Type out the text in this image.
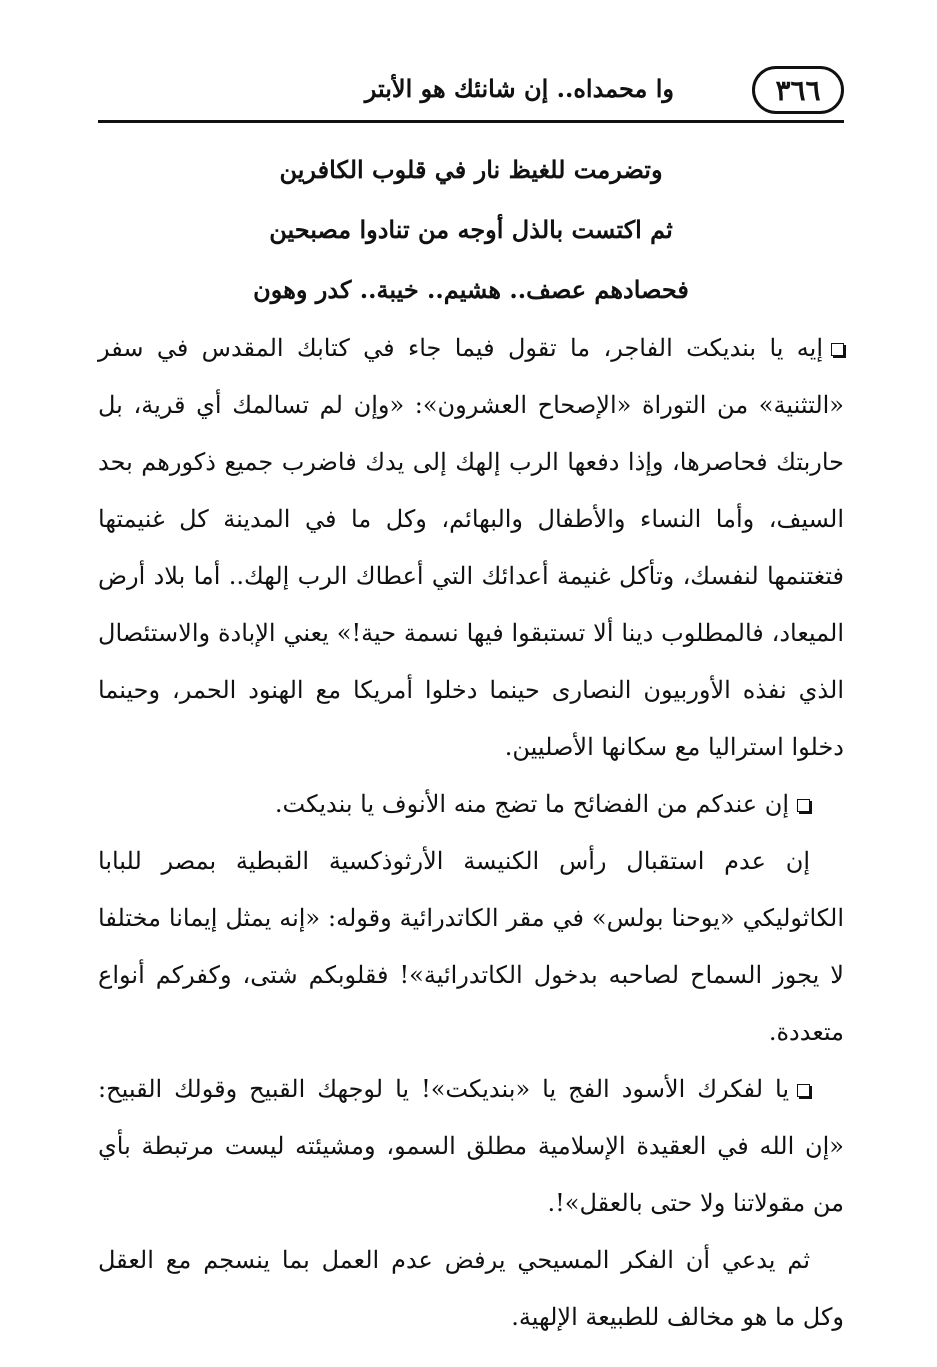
٣٦٦
وا محمداه.. إن شانئك هو الأبتر

وتضرمت للغيظ نار في قلوب الكافرين

ثم اكتست بالذل أوجه من تنادوا مصبحين

فحصادهم عصف.. هشيم.. خيبة.. كدر وهون

إيه يا بنديكت الفاجر، ما تقول فيما جاء في كتابك المقدس في سفر «التثنية» من التوراة «الإصحاح العشرون»: «وإن لم تسالمك أي قرية، بل حاربتك فحاصرها، وإذا دفعها الرب إلهك إلى يدك فاضرب جميع ذكورهم بحد السيف، وأما النساء والأطفال والبهائم، وكل ما في المدينة كل غنيمتها فتغتنمها لنفسك، وتأكل غنيمة أعدائك التي أعطاك الرب إلهك.. أما بلاد أرض الميعاد، فالمطلوب دينا ألا تستبقوا فيها نسمة حية!» يعني الإبادة والاستئصال الذي نفذه الأوربيون النصارى حينما دخلوا أمريكا مع الهنود الحمر، وحينما دخلوا استراليا مع سكانها الأصليين.

إن عندكم من الفضائح ما تضج منه الأنوف يا بنديكت.

إن عدم استقبال رأس الكنيسة الأرثوذكسية القبطية بمصر للبابا الكاثوليكي «يوحنا بولس» في مقر الكاتدرائية وقوله: «إنه يمثل إيمانا مختلفا لا يجوز السماح لصاحبه بدخول الكاتدرائية»! فقلوبكم شتى، وكفركم أنواع متعددة.

يا لفكرك الأسود الفج يا «بنديكت»! يا لوجهك القبيح وقولك القبيح: «إن الله في العقيدة الإسلامية مطلق السمو، ومشيئته ليست مرتبطة بأي من مقولاتنا ولا حتى بالعقل»!.

ثم يدعي أن الفكر المسيحي يرفض عدم العمل بما ينسجم مع العقل وكل ما هو مخالف للطبيعة الإلهية.
